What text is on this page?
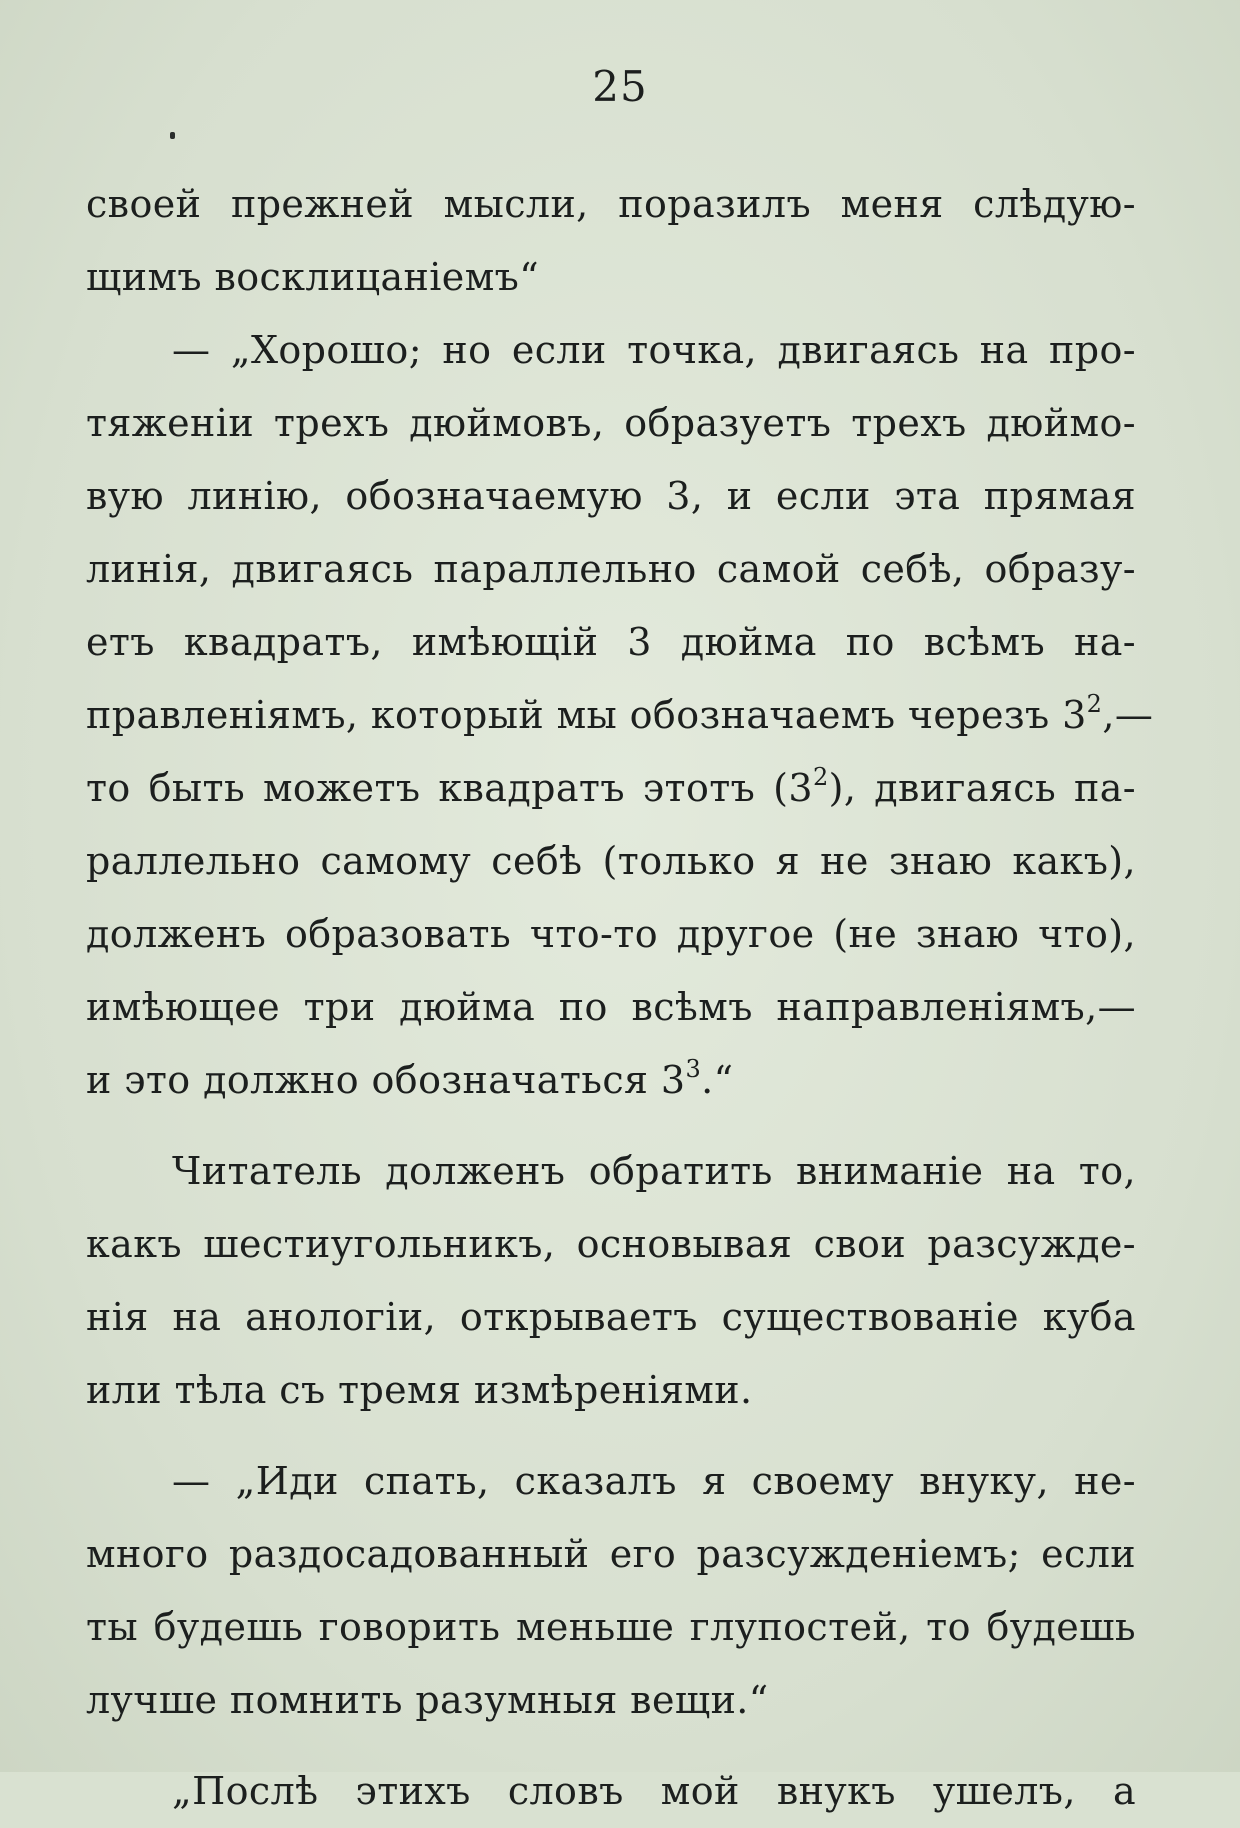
25
своей прежней мысли, поразилъ меня слѣдую-
щимъ восклицаніемъ“
— „Хорошо; но если точка, двигаясь на про-
тяженіи трехъ дюймовъ, образуетъ трехъ дюймо-
вую линію, обозначаемую 3, и если эта прямая
линія, двигаясь параллельно самой себѣ, образу-
етъ квадратъ, имѣющій 3 дюйма по всѣмъ на-
правленіямъ, который мы обозначаемъ черезъ $3^2,—$
то быть можетъ квадратъ этотъ $(3^2)$, двигаясь па-
раллельно самому себѣ (только я не знаю какъ),
долженъ образовать что-то другое (не знаю что),
имѣющее три дюйма по всѣмъ направленіямъ,—
и это должно обозначаться $3^3.“$
Читатель долженъ обратить вниманіе на то,
какъ шестиугольникъ, основывая свои разсужде-
нія на анологіи, открываетъ существованіе куба
или тѣла съ тремя измѣреніями.
— „Иди спать, сказалъ я своему внуку, не-
много раздосадованный его разсужденіемъ; если
ты будешь говорить меньше глупостей, то будешь
лучше помнить разумныя вещи.“
„Послѣ этихъ словъ мой внукъ ушелъ, а
